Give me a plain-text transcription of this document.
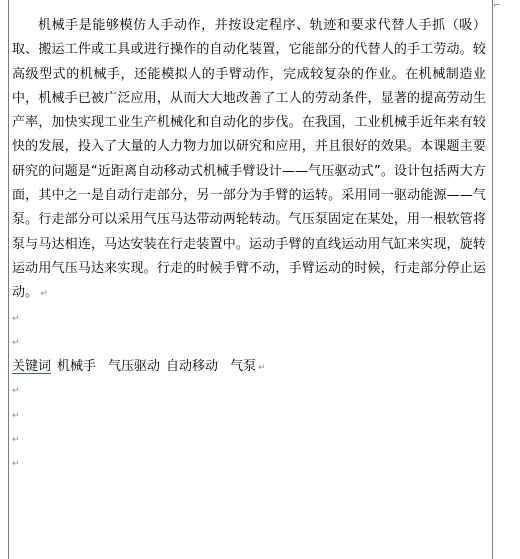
⌐

机械手是能够模仿人手动作，并按设定程序、轨迹和要求代替人手抓（吸）取、搬运工件或工具或进行操作的自动化装置，它能部分的代替人的手工劳动。较高级型式的机械手，还能模拟人的手臂动作，完成较复杂的作业。在机械制造业中，机械手已被广泛应用，从而大大地改善了工人的劳动条件，显著的提高劳动生产率，加快实现工业生产机械化和自动化的步伐。在我国，工业机械手近年来有较快的发展，投入了大量的人力物力加以研究和应用，并且很好的效果。本课题主要研究的问题是“近距离自动移动式机械手臂设计——气压驱动式”。设计包括两大方面，其中之一是自动行走部分，另一部分为手臂的运转。采用同一驱动能源——气泵。行走部分可以采用气压马达带动两轮转动。气压泵固定在某处，用一根软管将泵与马达相连，马达安装在行走装置中。运动手臂的直线运动用气缸来实现，旋转运动用气压马达来实现。行走的时候手臂不动，手臂运动的时候，行走部分停止运动。 ↵

↵
↵
关键词 机械手 气压驱动 自动移动 气泵 ↵
↵
↵
↵
↵
